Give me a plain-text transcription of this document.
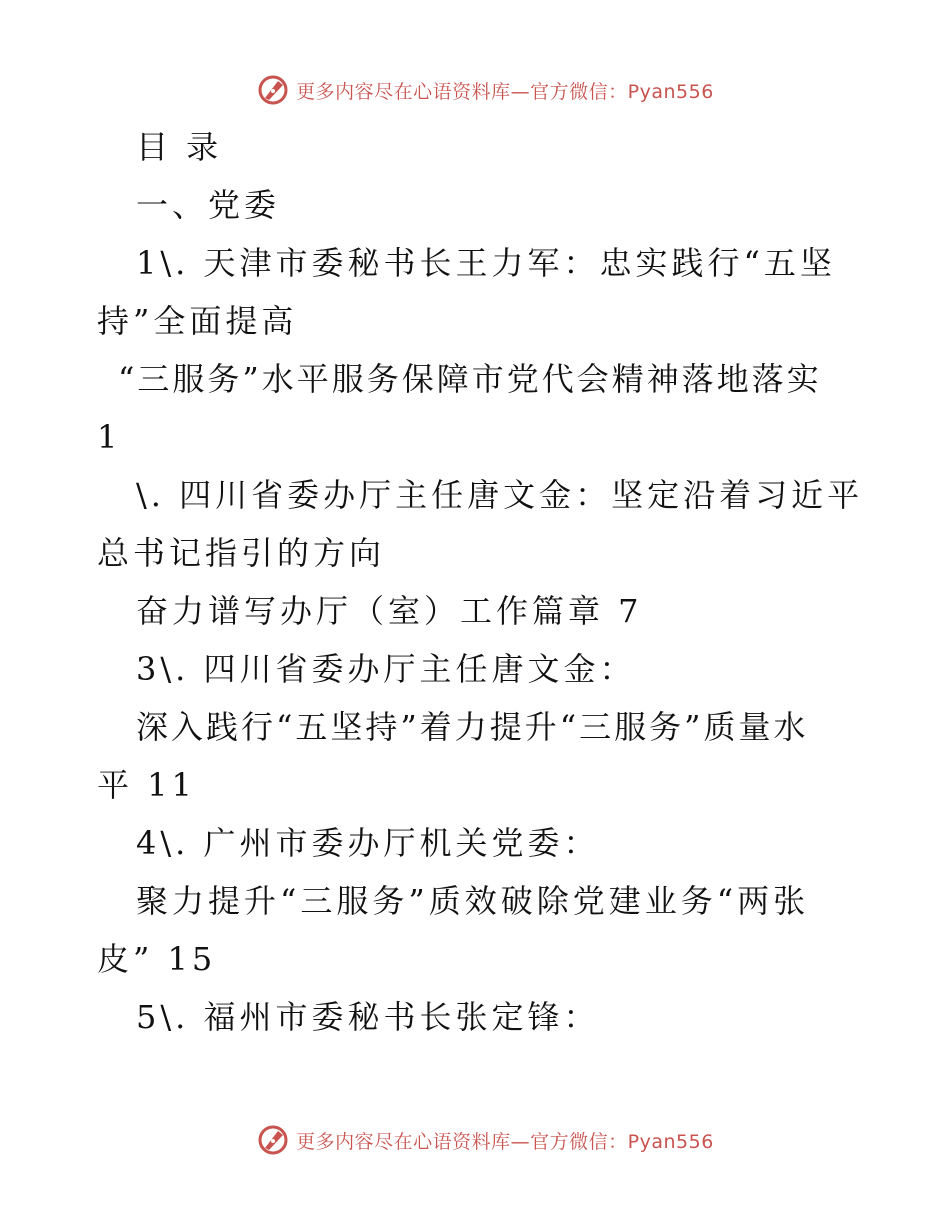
更多内容尽在心语资料库—官方微信：Pyan556
目 录
一、党委
1\. 天津市委秘书长王力军：忠实践行“五坚
持”全面提高
“三服务”水平服务保障市党代会精神落地落实
1
\. 四川省委办厅主任唐文金：坚定沿着习近平
总书记指引的方向
奋力谱写办厅（室）工作篇章 7
3\. 四川省委办厅主任唐文金：
深入践行“五坚持”着力提升“三服务”质量水
平 11
4\. 广州市委办厅机关党委：
聚力提升“三服务”质效破除党建业务“两张
皮” 15
5\. 福州市委秘书长张定锋：
更多内容尽在心语资料库—官方微信：Pyan556
